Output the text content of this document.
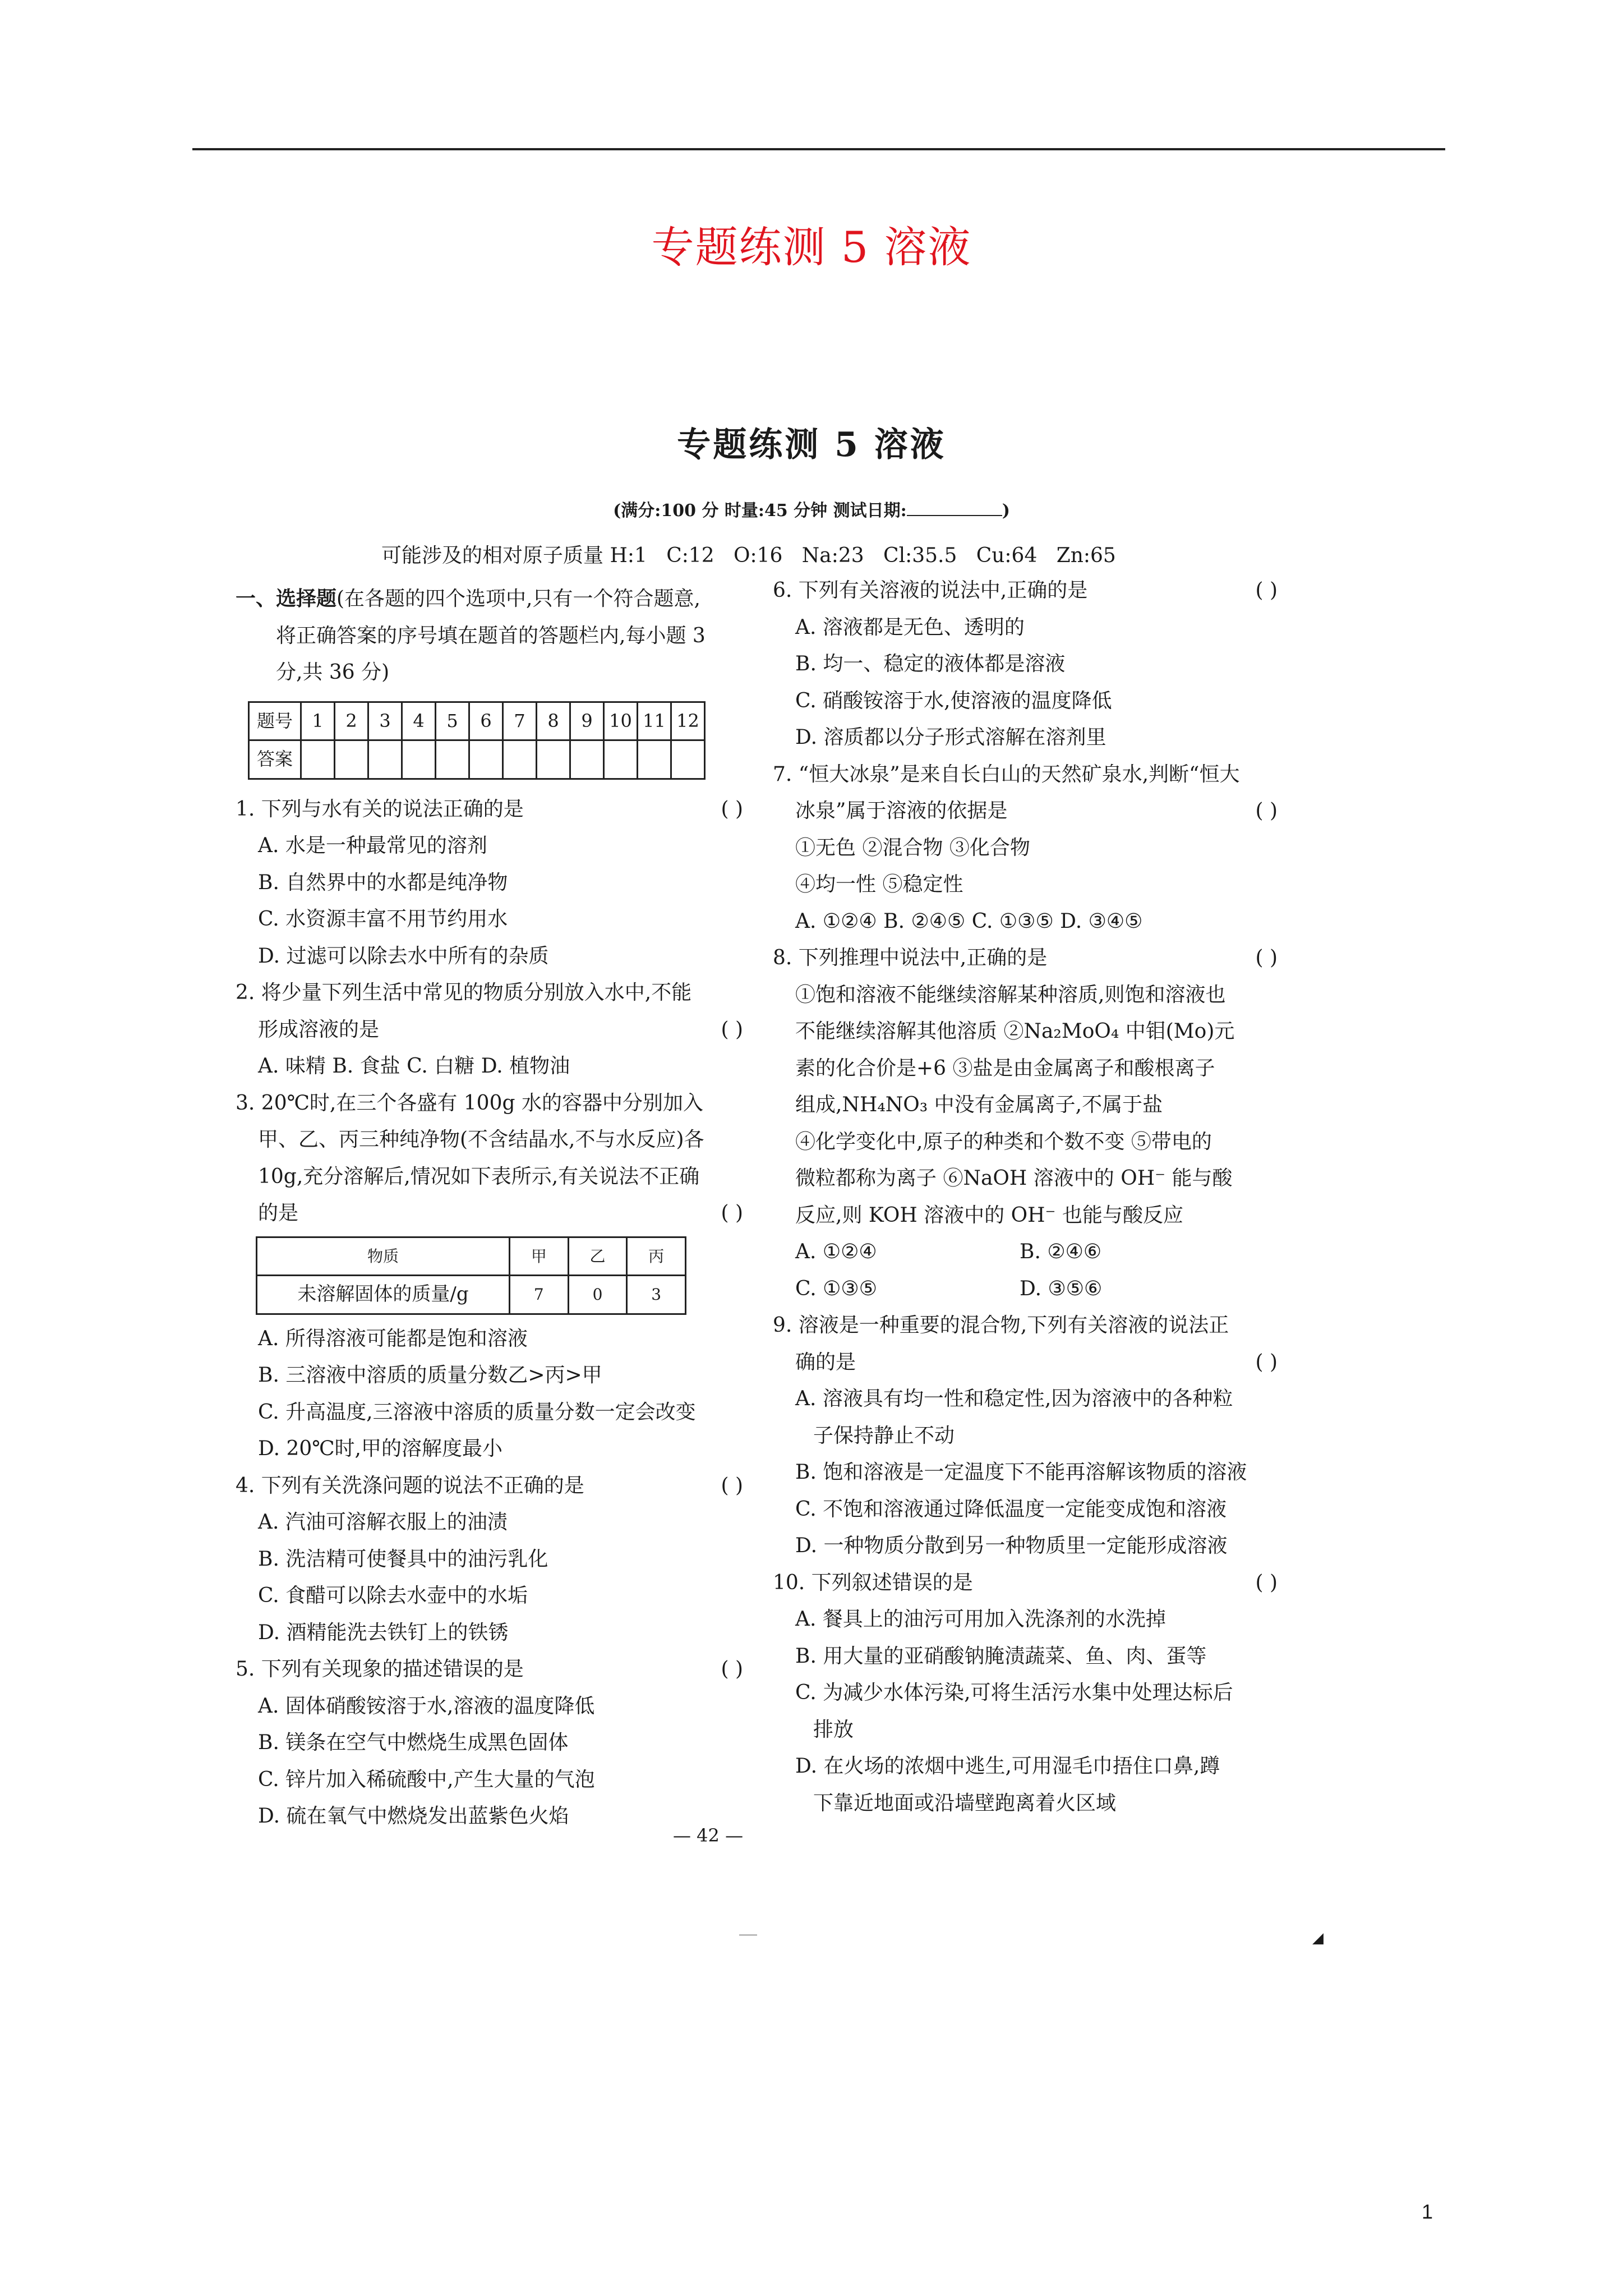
专题练测 5 溶液
专题练测 5 溶液
(满分:100 分 时量:45 分钟 测试日期:	)
可能涉及的相对原子质量 H:1   C:12   O:16   Na:23   Cl:35.5   Cu:64   Zn:65

一、选择题(在各题的四个选项中,只有一个符合题意,

将正确答案的序号填在题首的答题栏内,每小题 3

分,共 36 分)

题号	1	2	3	4	5	6	7	8	9	10	11	12
答案												

1. 下列与水有关的说法正确的是	( )

A. 水是一种最常见的溶剂

B. 自然界中的水都是纯净物

C. 水资源丰富不用节约用水

D. 过滤可以除去水中所有的杂质

2. 将少量下列生活中常见的物质分别放入水中,不能

形成溶液的是	( )

A. 味精 B. 食盐 C. 白糖 D. 植物油

3. 20℃时,在三个各盛有 100g 水的容器中分别加入

甲、乙、丙三种纯净物(不含结晶水,不与水反应)各

10g,充分溶解后,情况如下表所示,有关说法不正确

的是	( )

物质	甲	乙	丙
未溶解固体的质量/g	7	0	3

A. 所得溶液可能都是饱和溶液

B. 三溶液中溶质的质量分数乙>丙>甲

C. 升高温度,三溶液中溶质的质量分数一定会改变

D. 20℃时,甲的溶解度最小

4. 下列有关洗涤问题的说法不正确的是	( )

A. 汽油可溶解衣服上的油渍

B. 洗洁精可使餐具中的油污乳化

C. 食醋可以除去水壶中的水垢

D. 酒精能洗去铁钉上的铁锈

5. 下列有关现象的描述错误的是	( )

A. 固体硝酸铵溶于水,溶液的温度降低

B. 镁条在空气中燃烧生成黑色固体

C. 锌片加入稀硫酸中,产生大量的气泡

D. 硫在氧气中燃烧发出蓝紫色火焰

6. 下列有关溶液的说法中,正确的是	( )

A. 溶液都是无色、透明的

B. 均一、稳定的液体都是溶液

C. 硝酸铵溶于水,使溶液的温度降低

D. 溶质都以分子形式溶解在溶剂里

7. “恒大冰泉”是来自长白山的天然矿泉水,判断“恒大

冰泉”属于溶液的依据是	( )

①无色 ②混合物 ③化合物

④均一性 ⑤稳定性

A. ①②④ B. ②④⑤ C. ①③⑤ D. ③④⑤

8. 下列推理中说法中,正确的是	( )

①饱和溶液不能继续溶解某种溶质,则饱和溶液也

不能继续溶解其他溶质 ②Na₂MoO₄ 中钼(Mo)元

素的化合价是+6 ③盐是由金属离子和酸根离子

组成,NH₄NO₃ 中没有金属离子,不属于盐

④化学变化中,原子的种类和个数不变 ⑤带电的

微粒都称为离子 ⑥NaOH 溶液中的 OH⁻ 能与酸

反应,则 KOH 溶液中的 OH⁻ 也能与酸反应

A. ①②④	B. ②④⑥

C. ①③⑤	D. ③⑤⑥

9. 溶液是一种重要的混合物,下列有关溶液的说法正

确的是	( )

A. 溶液具有均一性和稳定性,因为溶液中的各种粒

子保持静止不动

B. 饱和溶液是一定温度下不能再溶解该物质的溶液

C. 不饱和溶液通过降低温度一定能变成饱和溶液

D. 一种物质分散到另一种物质里一定能形成溶液

10. 下列叙述错误的是	( )

A. 餐具上的油污可用加入洗涤剂的水洗掉

B. 用大量的亚硝酸钠腌渍蔬菜、鱼、肉、蛋等

C. 为减少水体污染,可将生活污水集中处理达标后

排放

D. 在火场的浓烟中逃生,可用湿毛巾捂住口鼻,蹲

下靠近地面或沿墙壁跑离着火区域

— 42 —
◢
1
